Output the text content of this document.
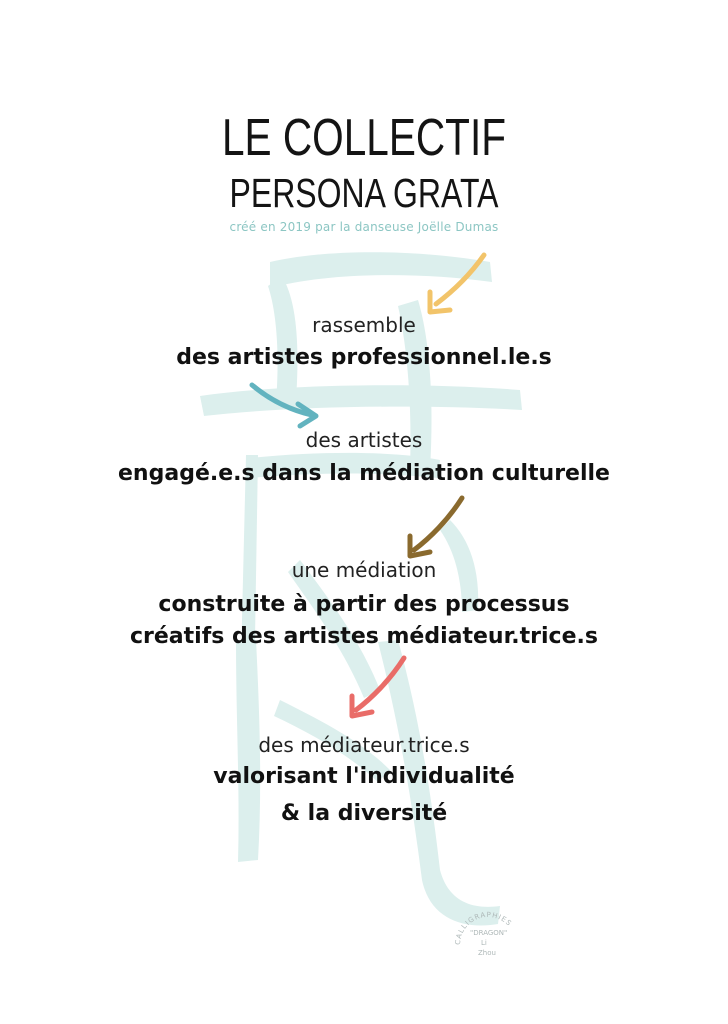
LE COLLECTIF
PERSONA GRATA
créé en 2019 par la danseuse Joëlle Dumas
rassemble
des artistes professionnel.le.s
des artistes
engagé.e.s dans la médiation culturelle
une médiation
construite à partir des processus
créatifs des artistes médiateur.trice.s
des médiateur.trice.s
valorisant l'individualité
& la diversité
CALLIGRAPHIES
"DRAGON"
Li
Zhou
